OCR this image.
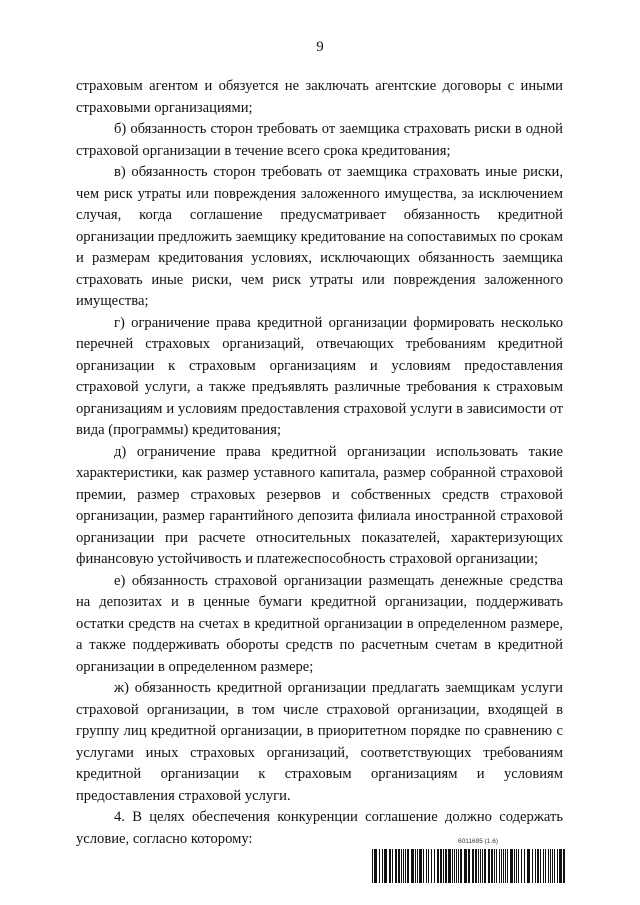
9

страховым агентом и обязуется не заключать агентские договоры с иными страховыми организациями;

б) обязанность сторон требовать от заемщика страховать риски в одной страховой организации в течение всего срока кредитования;

в) обязанность сторон требовать от заемщика страховать иные риски, чем риск утраты или повреждения заложенного имущества, за исключением случая, когда соглашение предусматривает обязанность кредитной организации предложить заемщику кредитование на сопоставимых по срокам и размерам кредитования условиях, исключающих обязанность заемщика страховать иные риски, чем риск утраты или повреждения заложенного имущества;

г) ограничение права кредитной организации формировать несколько перечней страховых организаций, отвечающих требованиям кредитной организации к страховым организациям и условиям предоставления страховой услуги, а также предъявлять различные требования к страховым организациям и условиям предоставления страховой услуги в зависимости от вида (программы) кредитования;

д) ограничение права кредитной организации использовать такие характеристики, как размер уставного капитала, размер собранной страховой премии, размер страховых резервов и собственных средств страховой организации, размер гарантийного депозита филиала иностранной страховой организации при расчете относительных показателей, характеризующих финансовую устойчивость и платежеспособность страховой организации;

е) обязанность страховой организации размещать денежные средства на депозитах и в ценные бумаги кредитной организации, поддерживать остатки средств на счетах в кредитной организации в определенном размере, а также поддерживать обороты средств по расчетным счетам в кредитной организации в определенном размере;

ж) обязанность кредитной организации предлагать заемщикам услуги страховой организации, в том числе страховой организации, входящей в группу лиц кредитной организации, в приоритетном порядке по сравнению с услугами иных страховых организаций, соответствующих требованиям кредитной организации к страховым организациям и условиям предоставления страховой услуги.

4. В целях обеспечения конкуренции соглашение должно содержать условие, согласно которому:	6011695 (1.6)
